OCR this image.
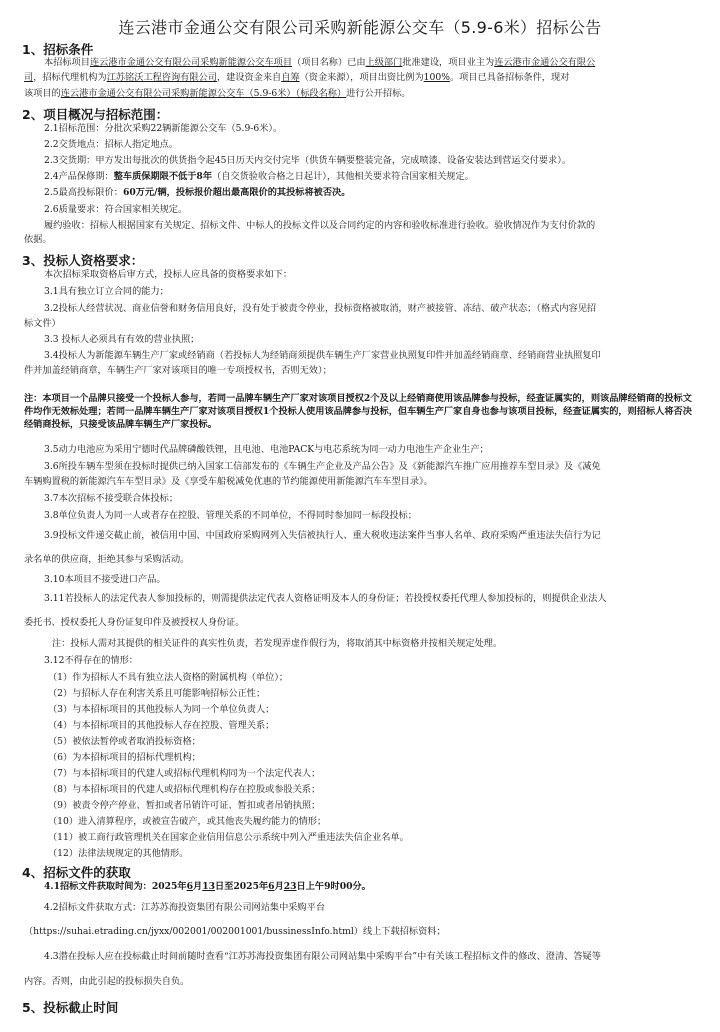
连云港市金通公交有限公司采购新能源公交车（5.9-6米）招标公告
1、招标条件
本招标项目连云港市金通公交有限公司采购新能源公交车项目（项目名称）已由上级部门批准建设，项目业主为连云港市金通公交有限公
司，招标代理机构为江苏铭沃工程咨询有限公司，建设资金来自自筹（资金来源），项目出资比例为100%。项目已具备招标条件，现对
该项目的连云港市金通公交有限公司采购新能源公交车（5.9-6米）（标段名称）进行公开招标。
2、项目概况与招标范围：
2.1招标范围：分批次采购22辆新能源公交车（5.9-6米）。
2.2交货地点：招标人指定地点。
2.3交货期：甲方发出每批次的供货指令起45日历天内交付完毕（供货车辆要整装完备，完成喷漆、设备安装达到营运交付要求）。
2.4产品保修期：整车质保期限不低于8年（自交货验收合格之日起计），其他相关要求符合国家相关规定。
2.5最高投标限价：60万元/辆，投标报价超出最高限价的其投标将被否决。
2.6质量要求：符合国家相关规定。
履约验收：招标人根据国家有关规定、招标文件、中标人的投标文件以及合同约定的内容和验收标准进行验收。验收情况作为支付价款的
依据。
3、投标人资格要求：
本次招标采取资格后审方式，投标人应具备的资格要求如下：
3.1具有独立订立合同的能力；
3.2投标人经营状况、商业信誉和财务信用良好，没有处于被责令停业，投标资格被取消，财产被接管、冻结、破产状态；（格式内容见招
标文件）
3.3 投标人必须具有有效的营业执照；
3.4投标人为新能源车辆生产厂家或经销商（若投标人为经销商须提供车辆生产厂家营业执照复印件并加盖经销商章、经销商营业执照复印
件并加盖经销商章，车辆生产厂家对该项目的唯一专项授权书，否则无效）；
注：本项目一个品牌只接受一个投标人参与，若同一品牌车辆生产厂家对该项目授权2个及以上经销商使用该品牌参与投标，经查证属实的，则该品牌经销商的投标文件均作无效标处理；若同一品牌车辆生产厂家对该项目授权1个投标人使用该品牌参与投标，但车辆生产厂家自身也参与该项目投标，经查证属实的，则招标人将否决经销商投标，只接受该品牌车辆生产厂家投标。
3.5动力电池应为采用宁德时代品牌磷酸铁锂，且电池、电池PACK与电芯系统为同一动力电池生产企业生产；
3.6所投车辆车型须在投标时提供已纳入国家工信部发布的《车辆生产企业及产品公告》及《新能源汽车推广应用推荐车型目录》及《减免
车辆购置税的新能源汽车车型目录》及《享受车船税减免优惠的节约能源使用新能源汽车车型目录》。
3.7本次招标不接受联合体投标；
3.8单位负责人为同一人或者存在控股、管理关系的不同单位，不得同时参加同一标段投标；
3.9投标文件递交截止前，被信用中国、中国政府采购网列入失信被执行人、重大税收违法案件当事人名单、政府采购严重违法失信行为记
录名单的供应商，拒绝其参与采购活动。
3.10本项目不接受进口产品。
3.11若投标人的法定代表人参加投标的，则需提供法定代表人资格证明及本人的身份证；若投授权委托代理人参加投标的，则提供企业法人
委托书、授权委托人身份证复印件及被授权人身份证。
注：投标人需对其提供的相关证件的真实性负责，若发现弄虚作假行为，将取消其中标资格并按相关规定处理。
3.12不得存在的情形：
（1）作为招标人不具有独立法人资格的附属机构（单位）；
（2）与招标人存在利害关系且可能影响招标公正性；
（3）与本招标项目的其他投标人为同一个单位负责人；
（4）与本招标项目的其他投标人存在控股、管理关系；
（5）被依法暂停或者取消投标资格；
（6）为本招标项目的招标代理机构；
（7）与本招标项目的代建人或招标代理机构同为一个法定代表人；
（8）与本招标项目的代建人或招标代理机构存在控股或参股关系；
（9）被责令停产停业、暂扣或者吊销许可证、暂扣或者吊销执照；
（10）进入清算程序，或被宣告破产，或其他丧失履约能力的情形；
（11）被工商行政管理机关在国家企业信用信息公示系统中列入严重违法失信企业名单。
（12）法律法规规定的其他情形。
4、招标文件的获取
4.1招标文件获取时间为：2025年6月13日至2025年6月23日上午9时00分。
4.2招标文件获取方式：江苏苏海投资集团有限公司网站集中采购平台
（https://suhai.etrading.cn/jyxx/002001/002001001/bussinessInfo.html）线上下载招标资料；
4.3潜在投标人应在投标截止时间前随时查看“江苏苏海投资集团有限公司网站集中采购平台”中有关该工程招标文件的修改、澄清、答疑等
内容。否则，由此引起的投标损失自负。
5、投标截止时间
